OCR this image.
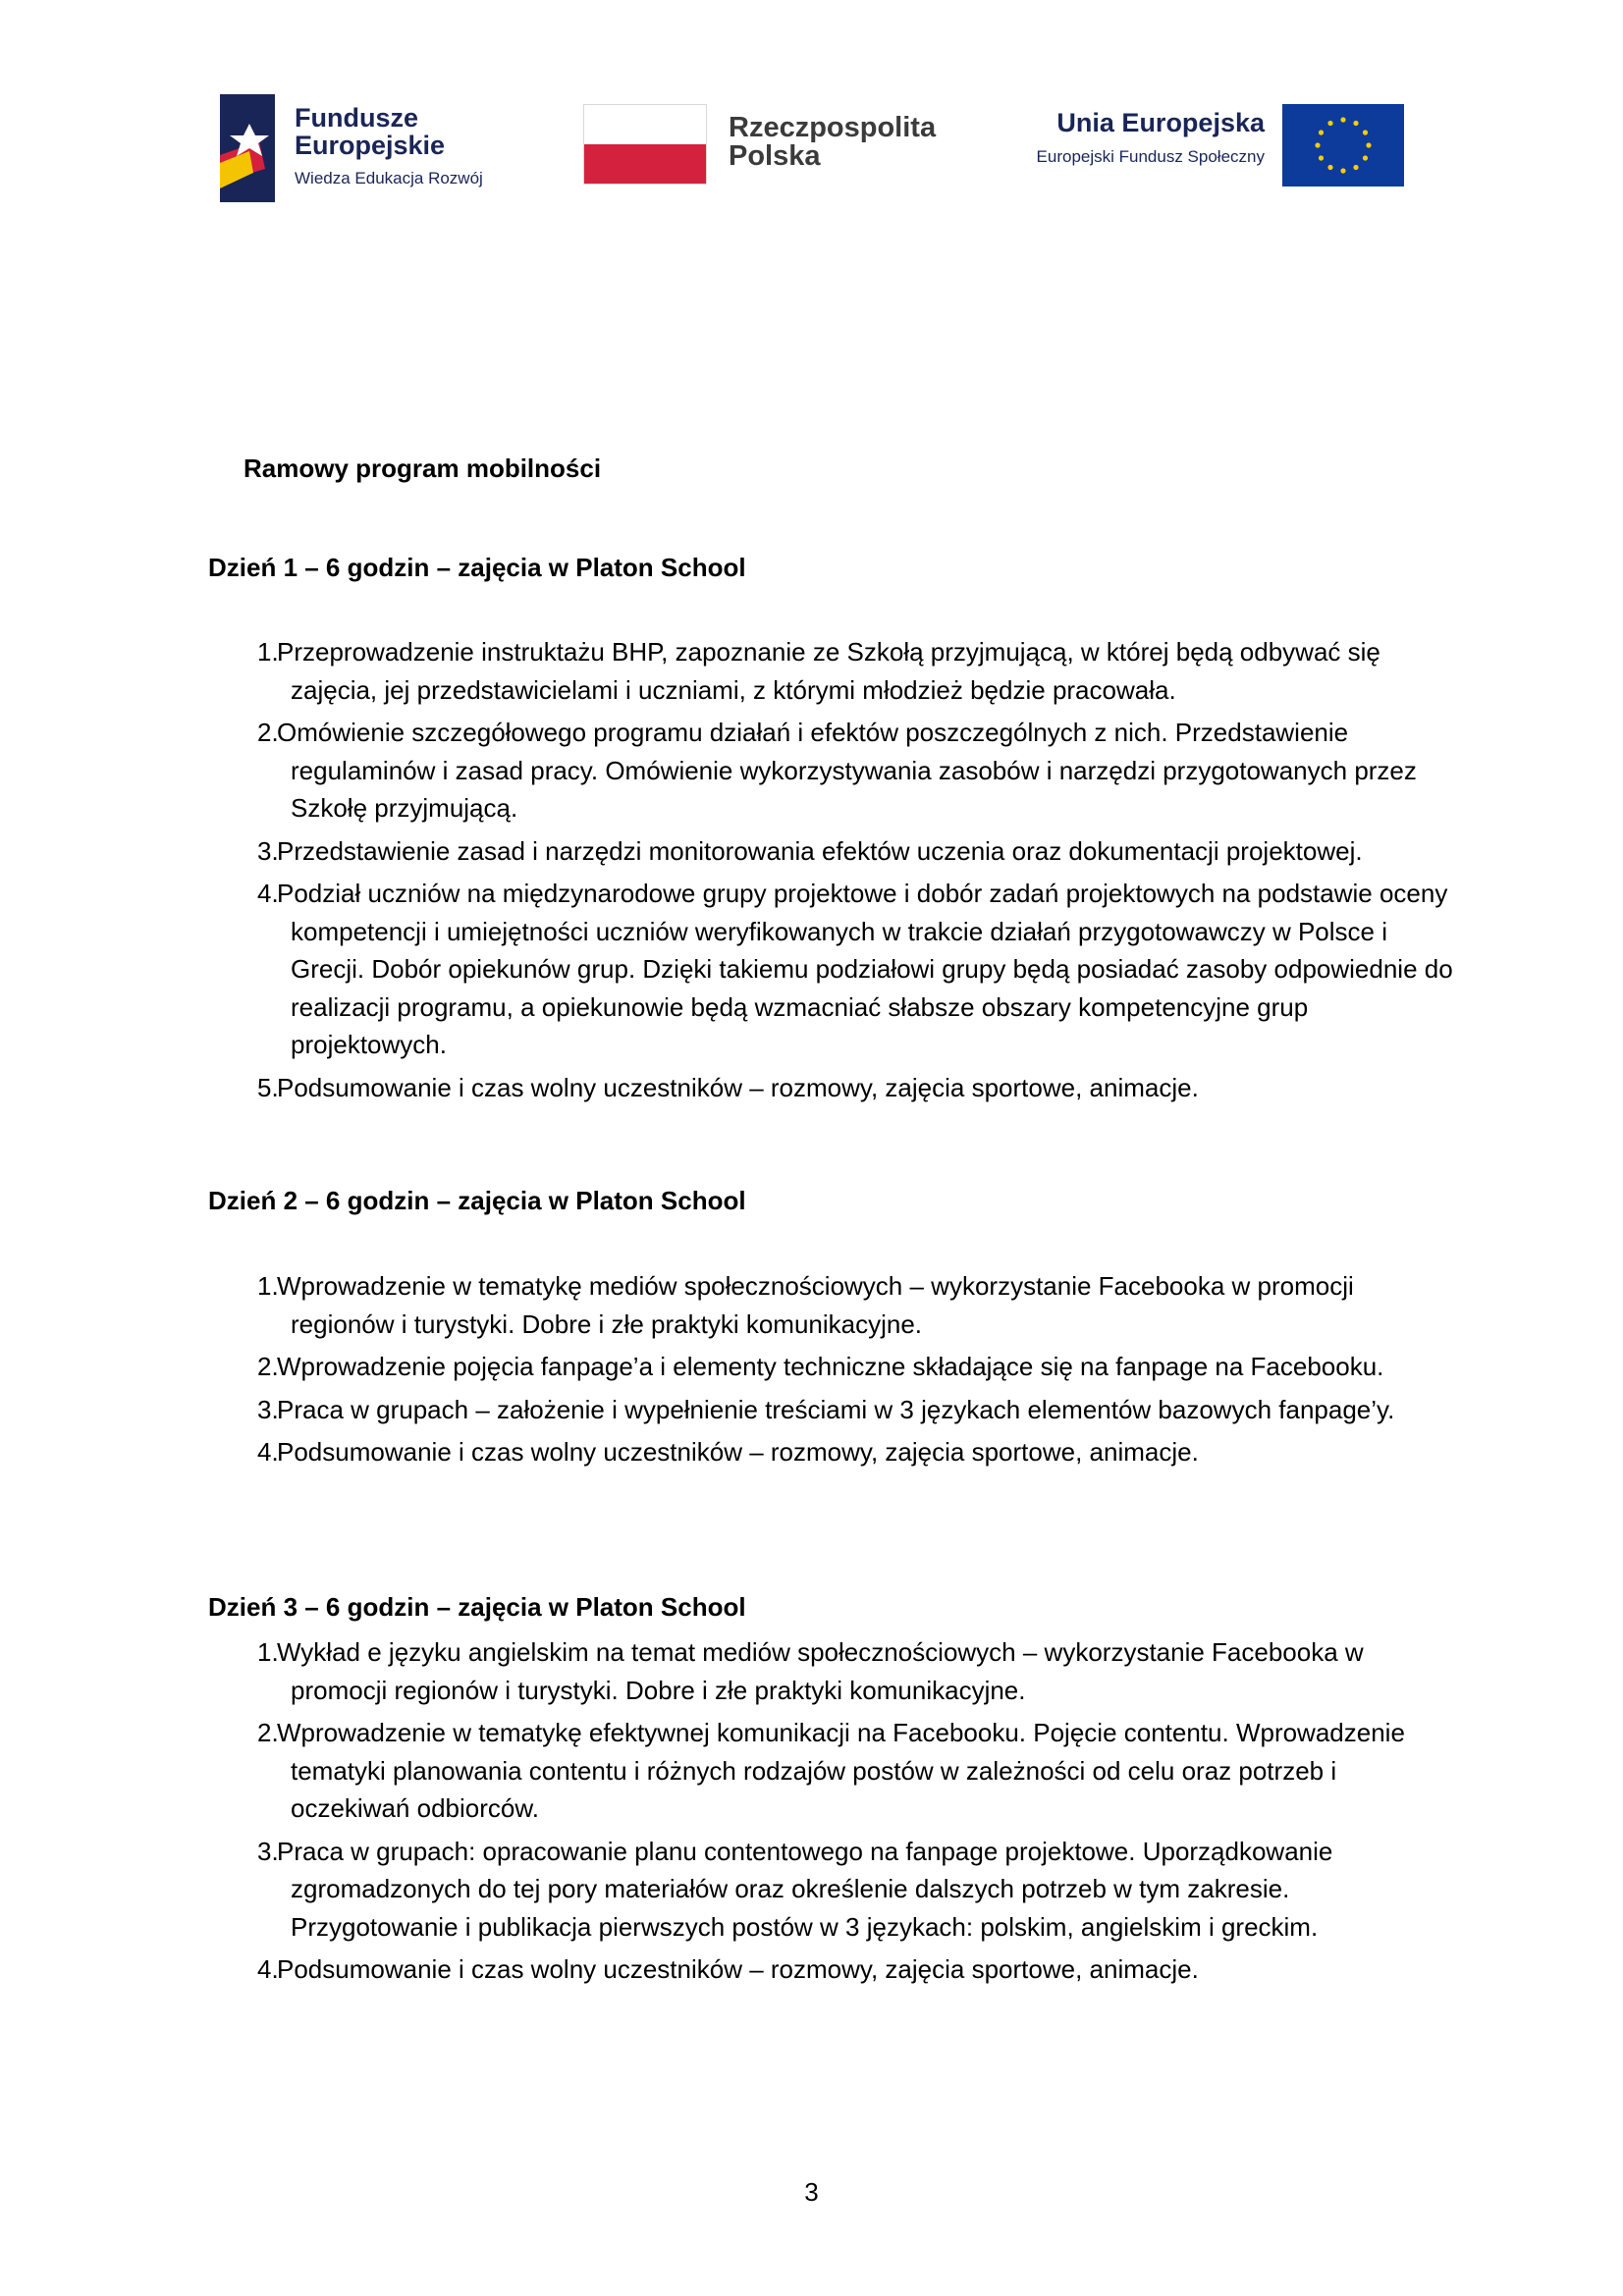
Fundusze
Europejskie
Wiedza Edukacja Rozwój
Rzeczpospolita
Polska
Unia Europejska
Europejski Fundusz Społeczny
Ramowy program mobilności
Dzień 1 – 6 godzin – zajęcia w Platon School
1.
Przeprowadzenie instruktażu BHP, zapoznanie ze Szkołą przyjmującą, w której będą odbywać się zajęcia, jej przedstawicielami i uczniami, z którymi młodzież będzie pracowała.
2.
Omówienie szczegółowego programu działań i efektów poszczególnych z nich. Przedstawienie regulaminów i zasad pracy. Omówienie wykorzystywania zasobów i narzędzi przygotowanych przez Szkołę przyjmującą.
3.
Przedstawienie zasad i narzędzi monitorowania efektów uczenia oraz dokumentacji projektowej.
4.
Podział uczniów na międzynarodowe grupy projektowe i dobór zadań projektowych na podstawie oceny kompetencji i umiejętności uczniów weryfikowanych w trakcie działań przygotowawczy w Polsce i Grecji. Dobór opiekunów grup. Dzięki takiemu podziałowi grupy będą posiadać zasoby odpowiednie do realizacji programu, a opiekunowie będą wzmacniać słabsze obszary kompetencyjne grup projektowych.
5.
Podsumowanie i czas wolny uczestników – rozmowy, zajęcia sportowe, animacje.
Dzień 2 – 6 godzin – zajęcia w Platon School
1.
Wprowadzenie w tematykę mediów społecznościowych – wykorzystanie Facebooka w promocji regionów i turystyki. Dobre i złe praktyki komunikacyjne.
2.
Wprowadzenie pojęcia fanpage’a i elementy techniczne składające się na fanpage na Facebooku.
3.
Praca w grupach – założenie i wypełnienie treściami w 3 językach elementów bazowych fanpage’y.
4.
Podsumowanie i czas wolny uczestników – rozmowy, zajęcia sportowe, animacje.
Dzień 3 – 6 godzin – zajęcia w Platon School
1.
Wykład e języku angielskim na temat mediów społecznościowych – wykorzystanie Facebooka w promocji regionów i turystyki. Dobre i złe praktyki komunikacyjne.
2.
Wprowadzenie w tematykę efektywnej komunikacji na Facebooku. Pojęcie contentu. Wprowadzenie tematyki planowania contentu i różnych rodzajów postów w zależności od celu oraz potrzeb i oczekiwań odbiorców.
3.
Praca w grupach: opracowanie planu contentowego na fanpage projektowe. Uporządkowanie zgromadzonych do tej pory materiałów oraz określenie dalszych potrzeb w tym zakresie. Przygotowanie i publikacja pierwszych postów w 3 językach: polskim, angielskim i greckim.
4.
Podsumowanie i czas wolny uczestników – rozmowy, zajęcia sportowe, animacje.
3
